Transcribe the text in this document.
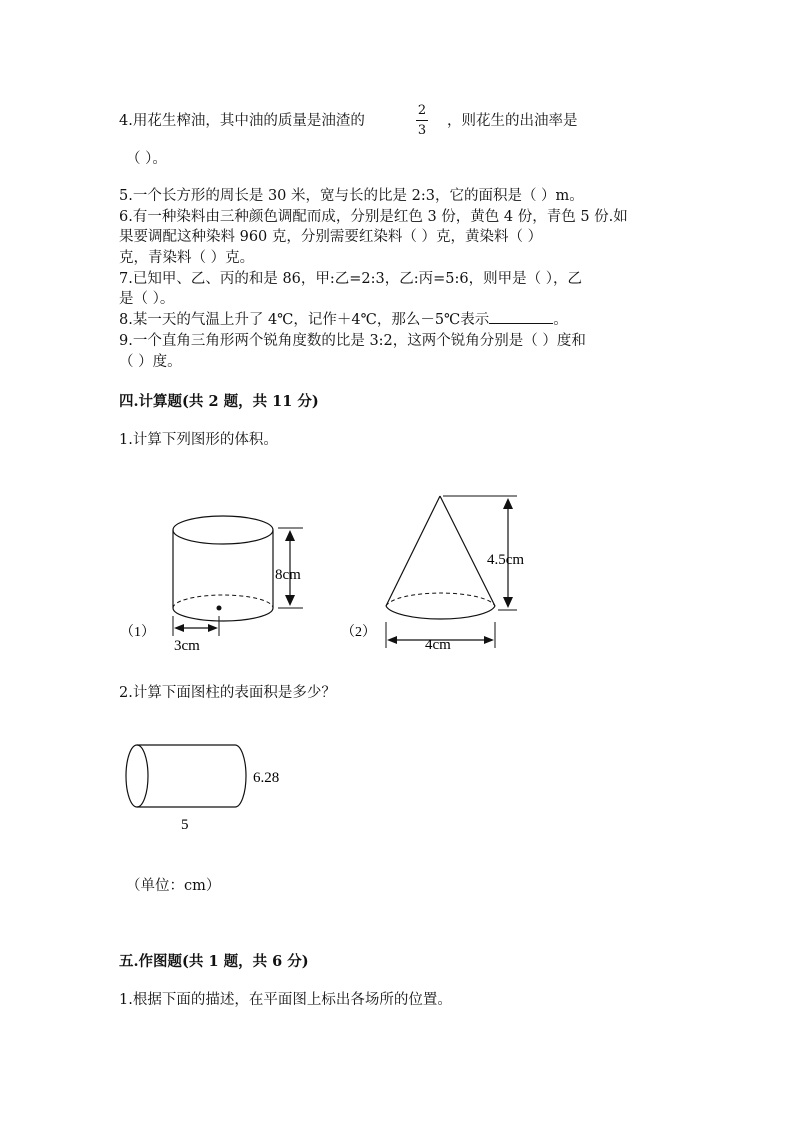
4.用花生榨油，其中油的质量是油渣的
2
3
，则花生的出油率是
（ ）。
5.一个长方形的周长是 30 米，宽与长的比是 2:3，它的面积是（ ）m。
6.有一种染料由三种颜色调配而成，分别是红色 3 份，黄色 4 份，青色 5 份.如
果要调配这种染料 960 克，分别需要红染料（ ）克，黄染料（ ）
克，青染料（ ）克。
7.已知甲、乙、丙的和是 86，甲:乙=2:3，乙:丙=5:6，则甲是（ ），乙
是（ ）。
8.某一天的气温上升了 4℃，记作＋4℃，那么－5℃表示	。
9.一个直角三角形两个锐角度数的比是 3:2，这两个锐角分别是（ ）度和
（ ）度。
四.计算题(共 2 题，共 11 分)
1.计算下列图形的体积。
8cm
3cm
（1）
4.5cm
4cm
（2）
2.计算下面图柱的表面积是多少？
6.28
5
（单位：cm）
五.作图题(共 1 题，共 6 分)
1.根据下面的描述，在平面图上标出各场所的位置。
